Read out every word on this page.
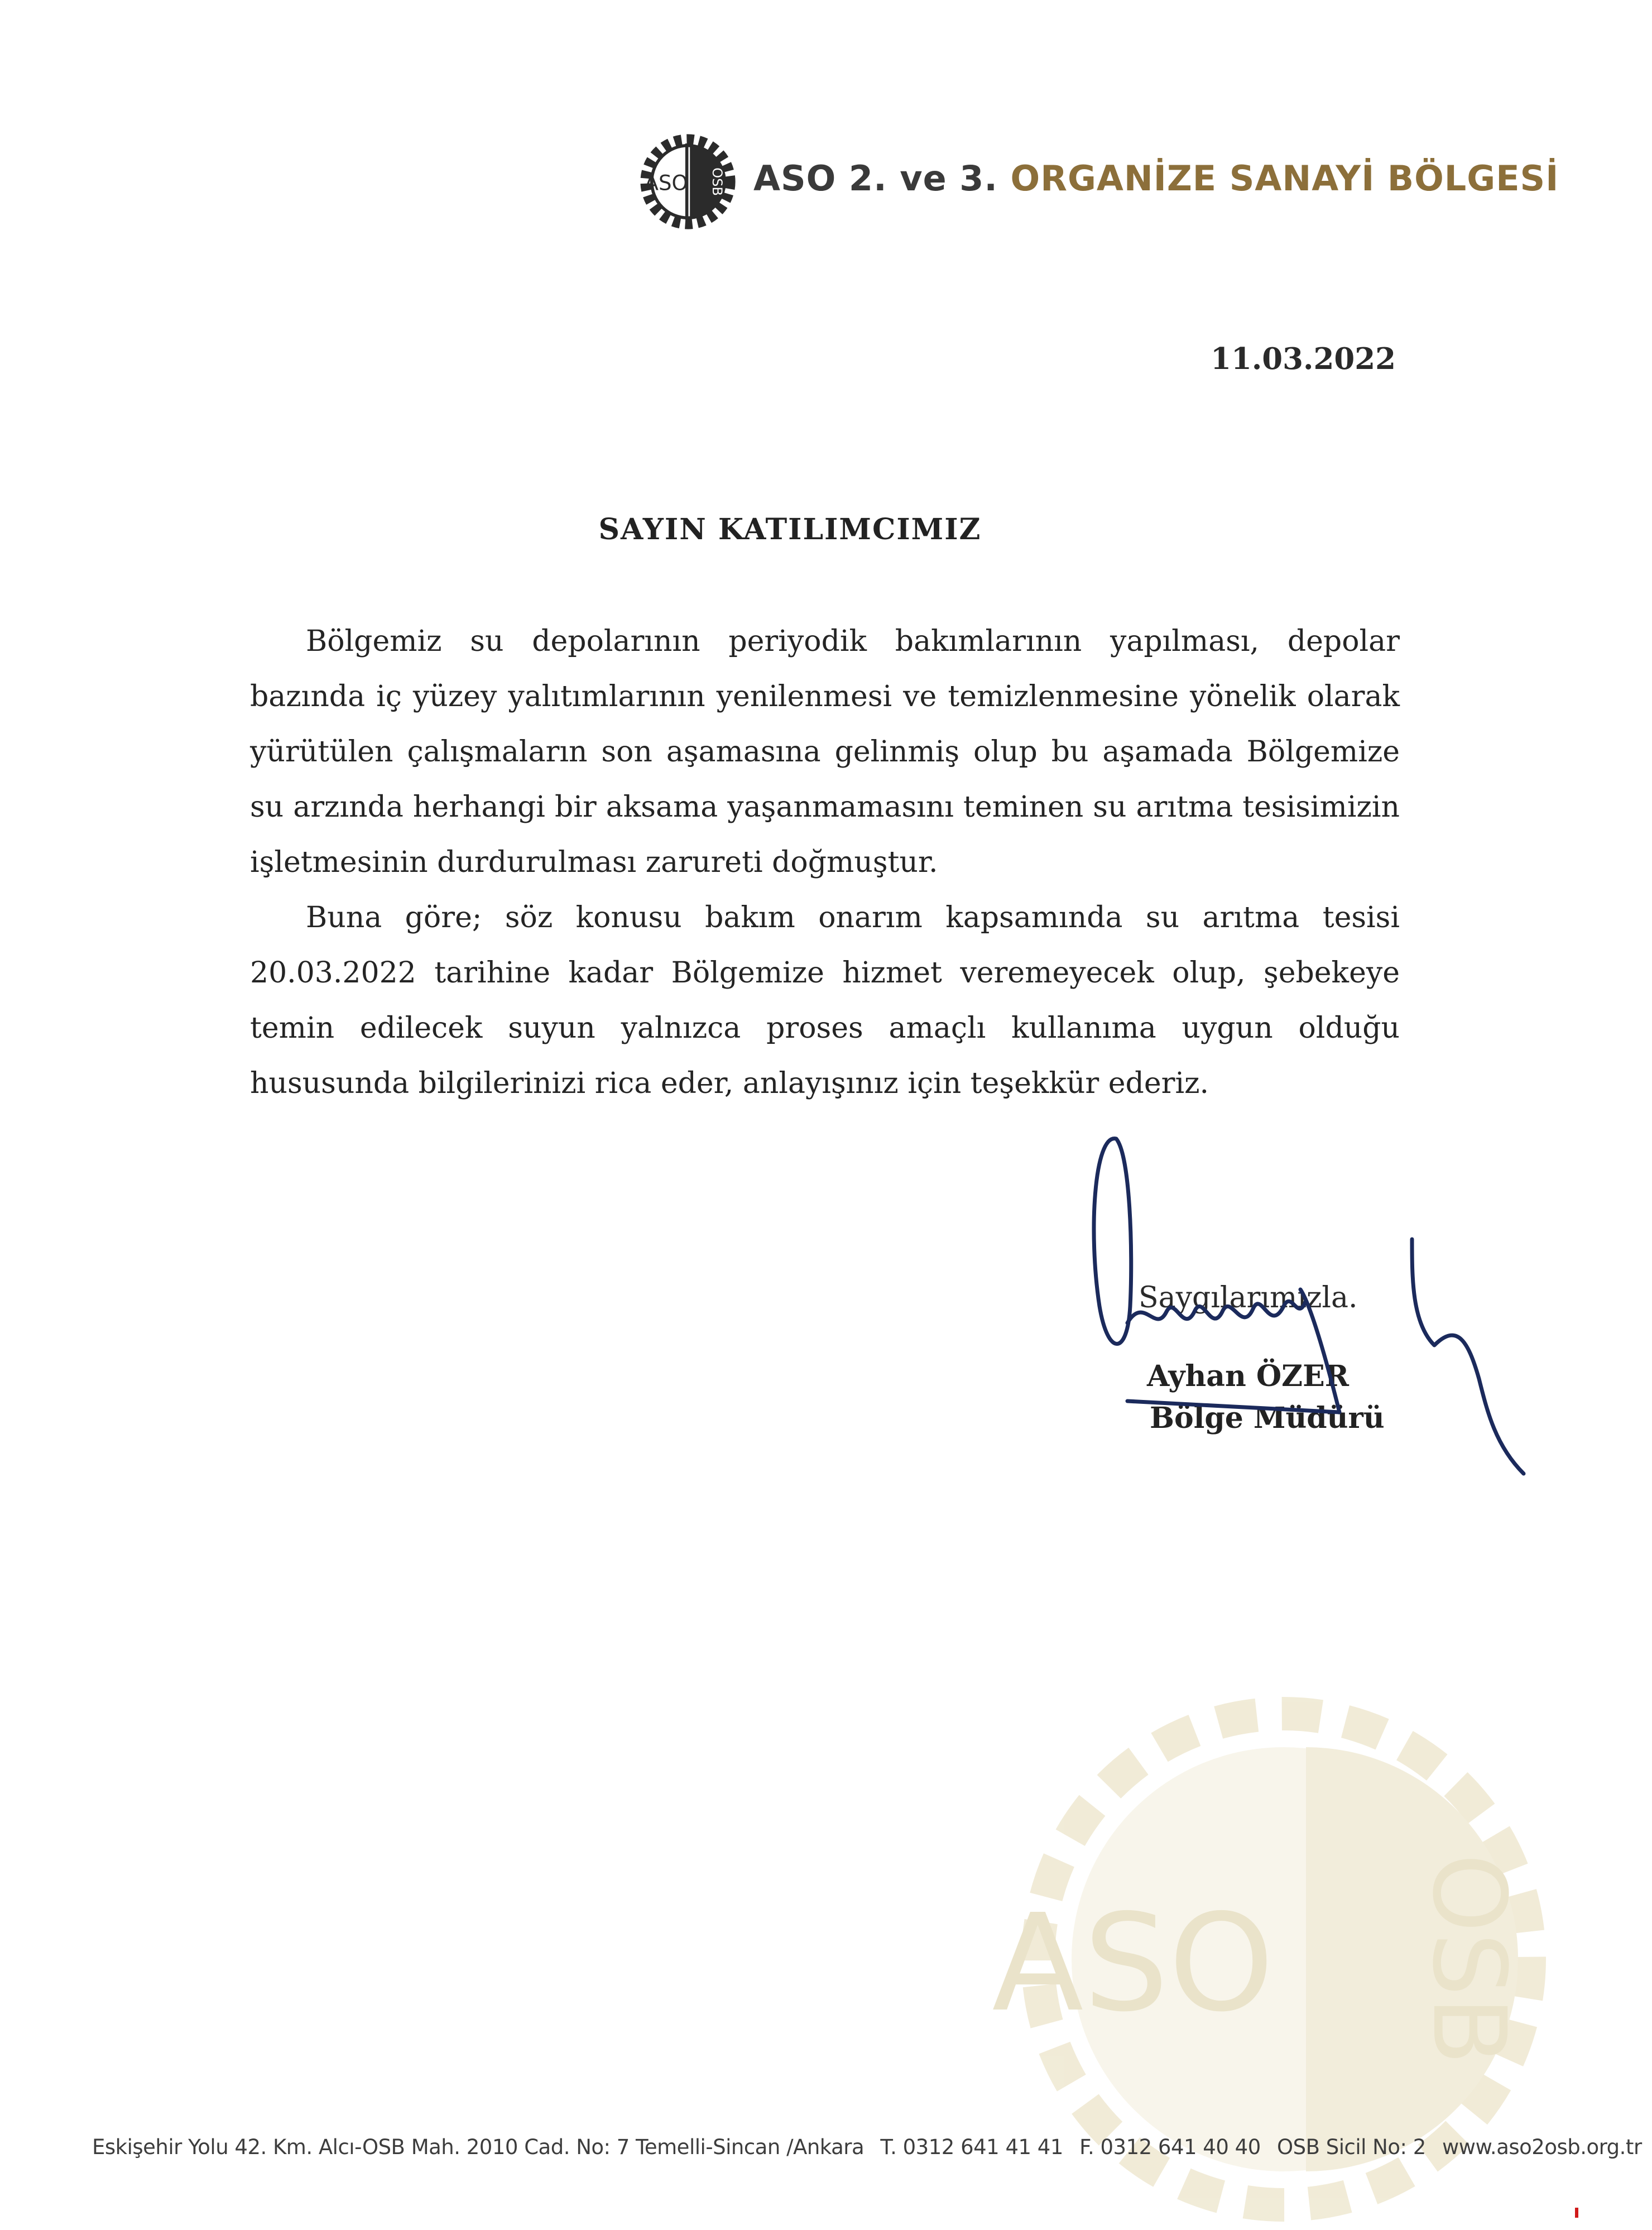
ASO OSB ASO 2. ve 3. ORGANİZE SANAYİ BÖLGESİ
11.03.2022
SAYIN KATILIMCIMIZ

Bölgemiz su depolarının periyodik bakımlarının yapılması, depolar bazında iç yüzey yalıtımlarının yenilenmesi ve temizlenmesine yönelik olarak yürütülen çalışmaların son aşamasına gelinmiş olup bu aşamada Bölgemize su arzında herhangi bir aksama yaşanmamasını teminen su arıtma tesisimizin işletmesinin durdurulması zarureti doğmuştur.

Buna göre; söz konusu bakım onarım kapsamında su arıtma tesisi 20.03.2022 tarihine kadar Bölgemize hizmet veremeyecek olup, şebekeye temin edilecek suyun yalnızca proses amaçlı kullanıma uygun olduğu hususunda bilgilerinizi rica eder, anlayışınız için teşekkür ederiz.

Saygılarımızla.
Ayhan ÖZER
Bölge Müdürü
ASO OSB
Eskişehir Yolu 42. Km. Alcı-OSB Mah. 2010 Cad. No: 7 Temelli-Sincan /Ankara T. 0312 641 41 41 F. 0312 641 40 40 OSB Sicil No: 2 www.aso2osb.org.tr
